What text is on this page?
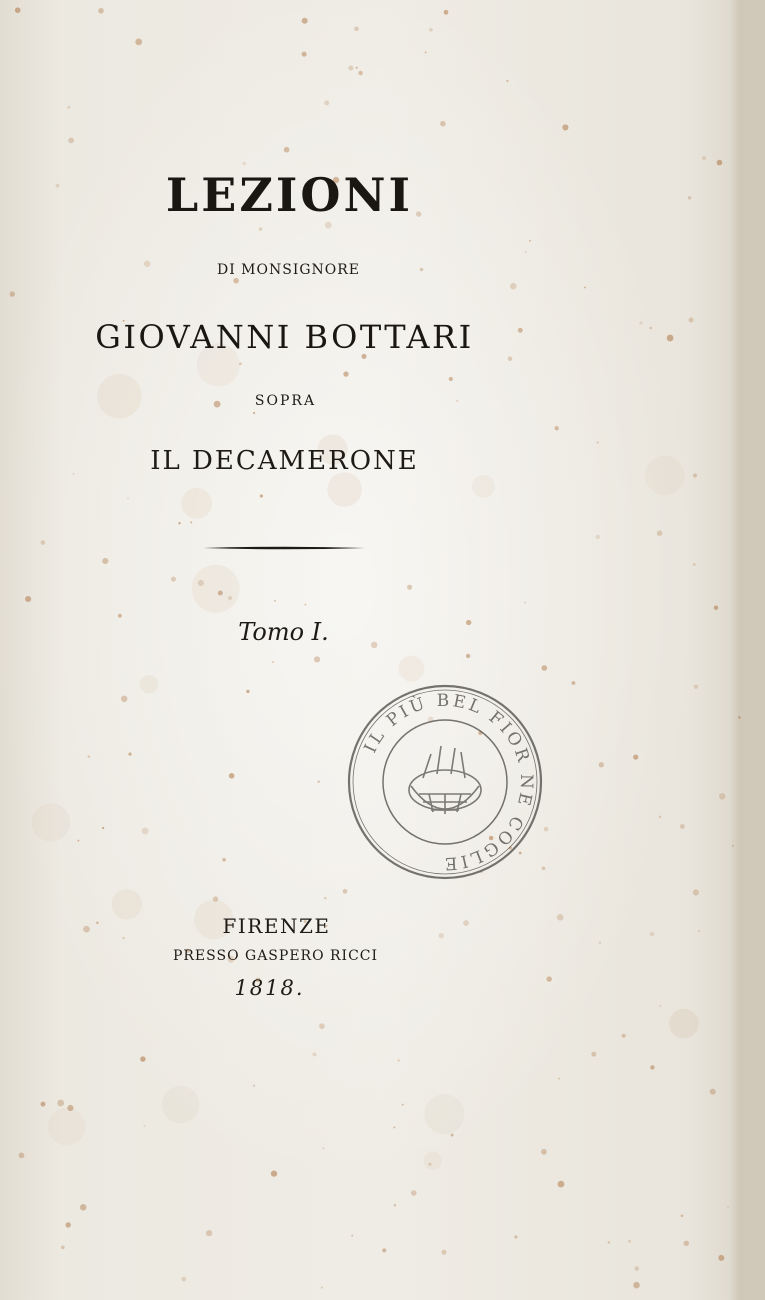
LEZIONI

DI MONSIGNORE

GIOVANNI BOTTARI

SOPRA

IL DECAMERONE

Tomo I.

IL PIÙ BEL FIOR NE COGLIE

FIRENZE

PRESSO GASPERO RICCI

1818.
